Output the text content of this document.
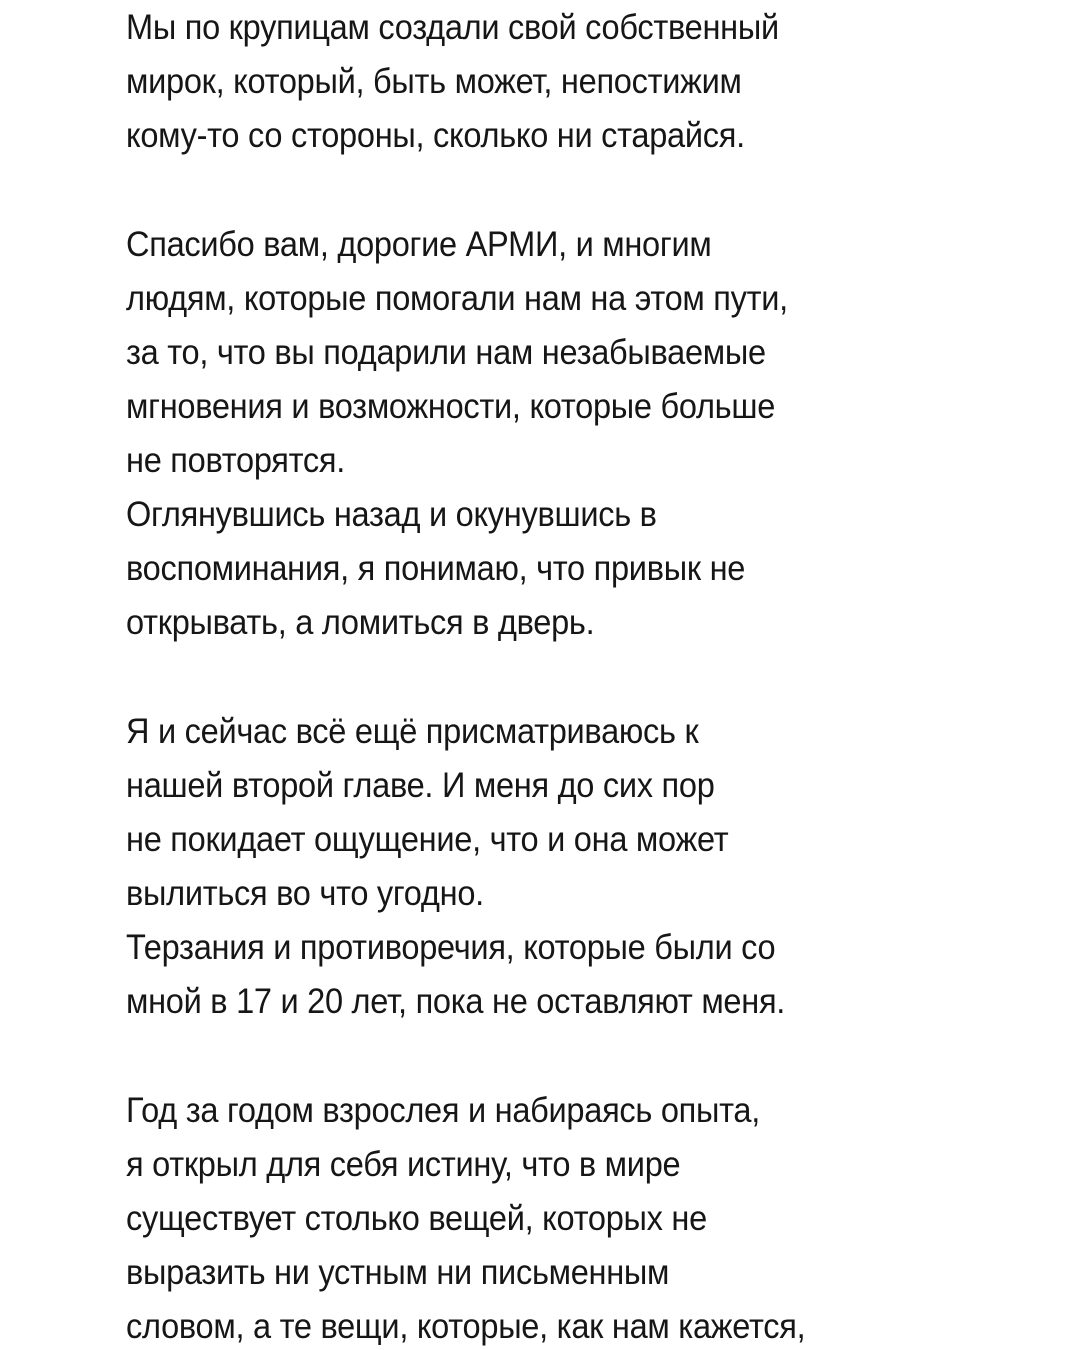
Мы по крупицам создали свой собственный
мирок, который, быть может, непостижим
кому-то со стороны, сколько ни старайся.
Спасибо вам, дорогие АРМИ, и многим
людям, которые помогали нам на этом пути,
за то, что вы подарили нам незабываемые
мгновения и возможности, которые больше
не повторятся.
Оглянувшись назад и окунувшись в
воспоминания, я понимаю, что привык не
открывать, а ломиться в дверь.
Я и сейчас всё ещё присматриваюсь к
нашей второй главе. И меня до сих пор
не покидает ощущение, что и она может
вылиться во что угодно.
Терзания и противоречия, которые были со
мной в 17 и 20 лет, пока не оставляют меня.
Год за годом взрослея и набираясь опыта,
я открыл для себя истину, что в мире
существует столько вещей, которых не
выразить ни устным ни письменным
словом, а те вещи, которые, как нам кажется,
